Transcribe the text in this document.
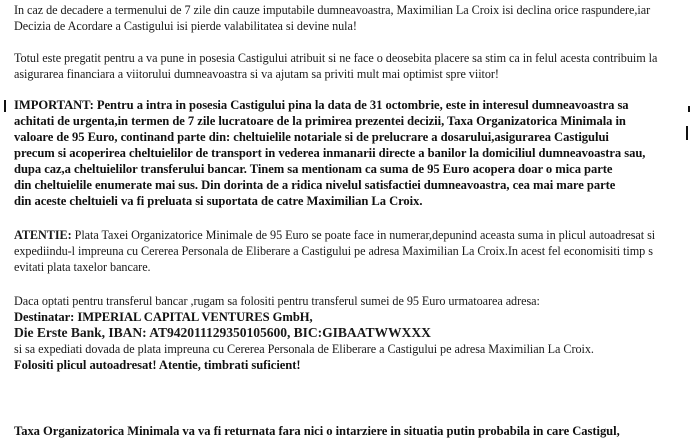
In caz de decadere a termenului de 7 zile din cauze imputabile dumneavoastra, Maximilian La Croix isi declina orice raspundere,iar
Decizia de Acordare a Castigului isi pierde valabilitatea si devine nula!
Totul este pregatit pentru a va pune in posesia Castigului atribuit si ne face o deosebita placere sa stim ca in felul acesta contribuim la
asigurarea financiara a viitorului dumneavoastra si va ajutam sa priviti mult mai optimist spre viitor!
IMPORTANT: Pentru a intra in posesia Castigului pina la data de 31 octombrie, este in interesul dumneavoastra sa
achitati de urgenta,in termen de 7 zile lucratoare de la primirea prezentei decizii, Taxa Organizatorica Minimala in
valoare de 95 Euro, continand parte din: cheltuielile notariale si de prelucrare a dosarului,asigurarea Castigului
precum si acoperirea cheltuielilor de transport in vederea inmanarii directe a banilor la domiciliul dumneavoastra sau,
dupa caz,a cheltuielilor transferului bancar. Tinem sa mentionam ca suma de 95 Euro acopera doar o mica parte
din cheltuielile enumerate mai sus. Din dorinta de a ridica nivelul satisfactiei dumneavoastra, cea mai mare parte
din aceste cheltuieli va fi preluata si suportata de catre Maximilian La Croix.
ATENTIE: Plata Taxei Organizatorice Minimale de 95 Euro se poate face in numerar,depunind aceasta suma in plicul autoadresat si
expediindu-l impreuna cu Cererea Personala de Eliberare a Castigului pe adresa Maximilian La Croix.In acest fel economisiti timp s
evitati plata taxelor bancare.
Daca optati pentru transferul bancar ,rugam sa folositi pentru transferul sumei de 95 Euro urmatoarea adresa:
Destinatar: IMPERIAL CAPITAL VENTURES GmbH,
Die Erste Bank, IBAN: AT942011129350105600, BIC:GIBAATWWXXX
si sa expediati dovada de plata impreuna cu Cererea Personala de Eliberare a Castigului pe adresa Maximilian La Croix.
Folositi plicul autoadresat! Atentie, timbrati suficient!
Taxa Organizatorica Minimala va va fi returnata fara nici o intarziere in situatia putin probabila in care Castigul,
